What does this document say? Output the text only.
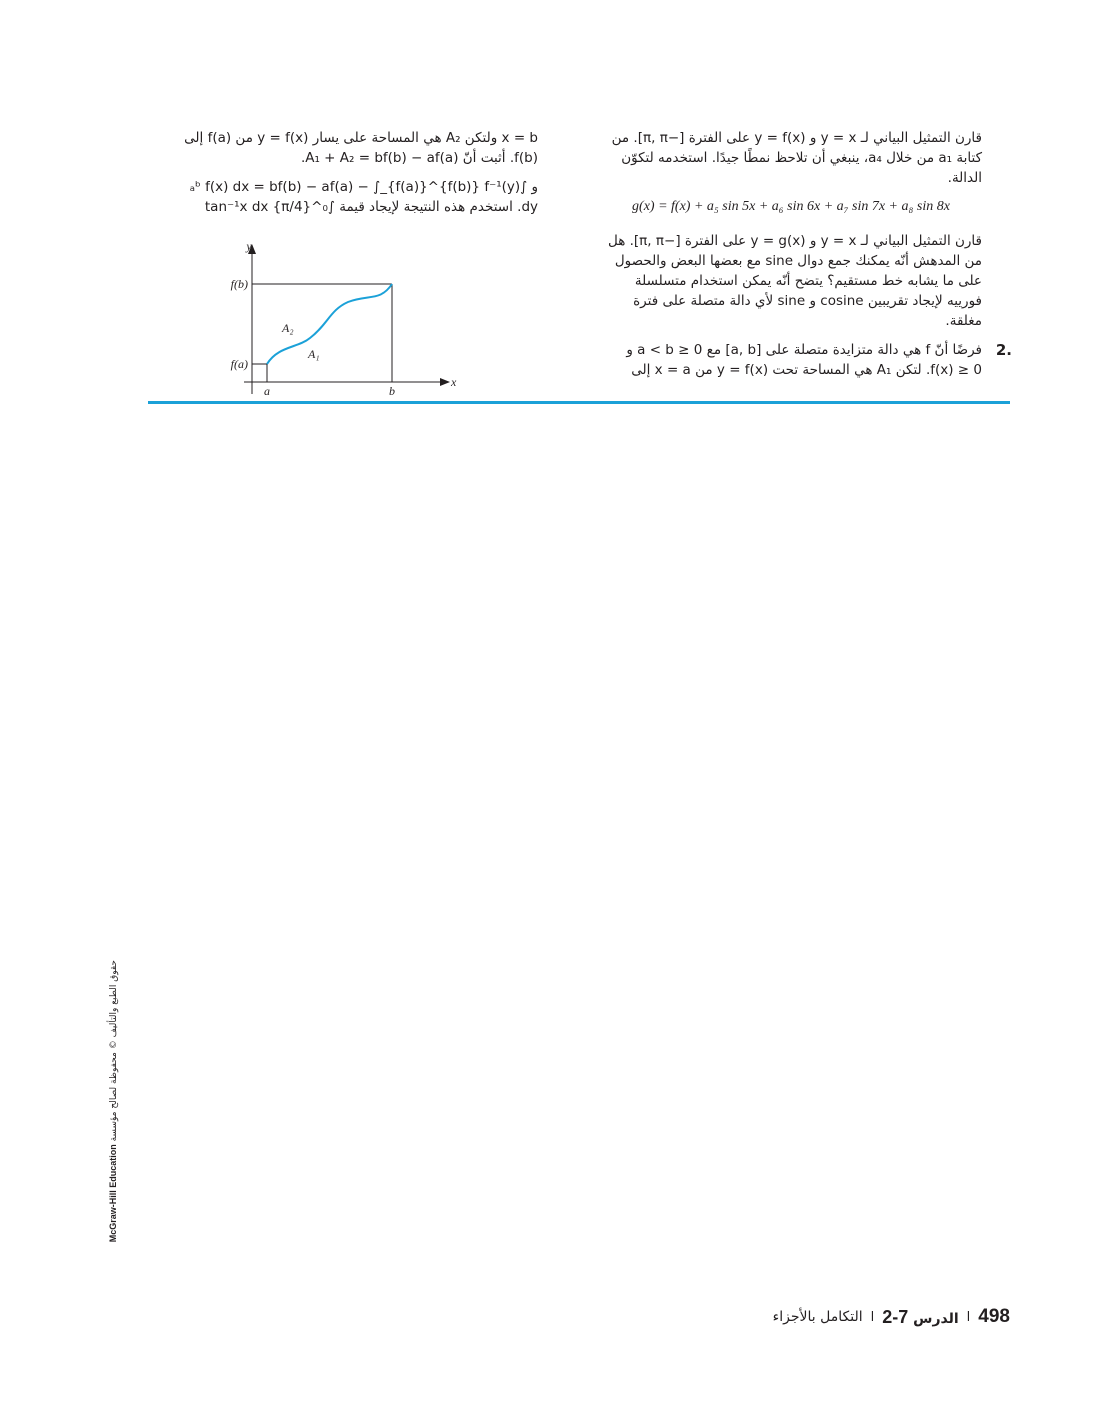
قارن التمثيل البياني لـ y = x و y = f(x) على الفترة [−π, π]. من كتابة a₁ من خلال a₄، ينبغي أن تلاحظ نمطًا جيدًا. استخدمه لتكوّن الدالة.

g(x) = f(x) + a₅ sin 5x + a₆ sin 6x + a₇ sin 7x + a₈ sin 8x

قارن التمثيل البياني لـ y = x و y = g(x) على الفترة [−π, π]. هل من المدهش أنّه يمكنك جمع دوال sine مع بعضها البعض والحصول على ما يشابه خط مستقيم؟ يتضح أنّه يمكن استخدام متسلسلة فورييه لإيجاد تقريبين cosine و sine لأي دالة متصلة على فترة مغلقة.

2.

فرضًا أنّ f هي دالة متزايدة متصلة على [a, b] مع 0 ≤ a < b و f(x) ≥ 0. لتكن A₁ هي المساحة تحت y = f(x) من x = a إلى

x = b ولتكن A₂ هي المساحة على يسار y = f(x) من f(a) إلى f(b). أثبت أنّ A₁ + A₂ = bf(b) − af(a).

و ∫ₐᵇ f(x) dx = bf(b) − af(a) − ∫_{f(a)}^{f(b)} f⁻¹(y) dy. استخدم هذه النتيجة لإيجاد قيمة ∫₀^{π/4} tan⁻¹x dx

y
x
f(b)
f(a)
a	b
A₁
A₂
حقوق الطبع والتأليف © محفوظة لصالح مؤسسة McGraw-Hill Education
498
ا
الدرس 7-2
ا
التكامل بالأجزاء
